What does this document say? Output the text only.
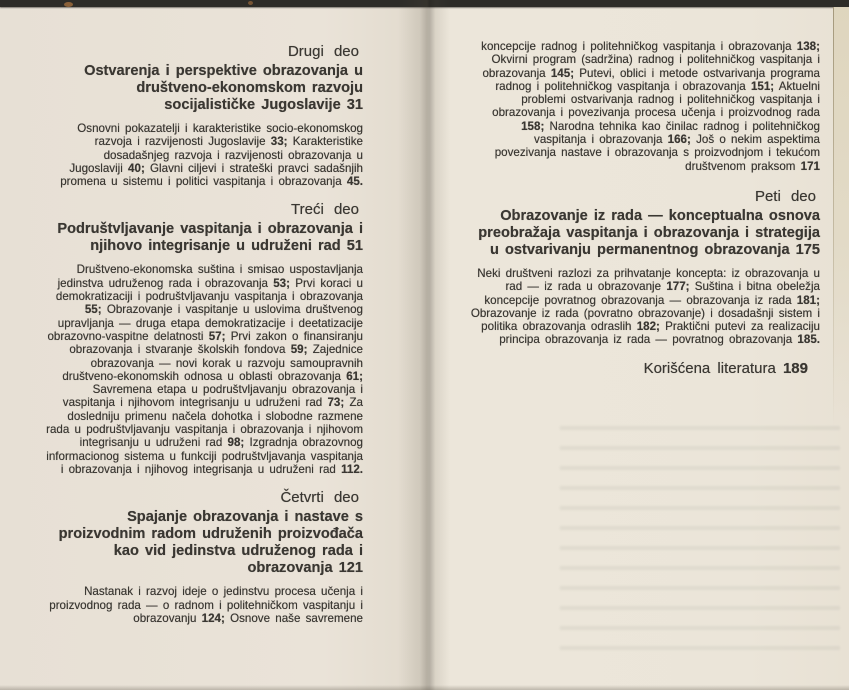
Drugi deo
Ostvarenja i perspektive obrazovanja u društveno-ekonomskom razvoju socijalističke Jugoslavije 31

Osnovni pokazatelji i karakteristike socio-ekonomskog razvoja i razvijenosti Jugoslavije 33; Karakteristike dosadašnjeg razvoja i razvijenosti obrazovanja u Jugoslaviji 40; Glavni ciljevi i strateški pravci sadašnjih promena u sistemu i politici vaspitanja i obrazovanja 45.

Treći deo
Podruštvljavanje vaspitanja i obrazovanja i njihovo integrisanje u udruženi rad 51

Društveno-ekonomska suština i smisao uspostavljanja jedinstva udruženog rada i obrazovanja 53; Prvi koraci u demokratizaciji i podruštvljavanju vaspitanja i obrazovanja 55; Obrazovanje i vaspitanje u uslovima društvenog upravljanja — druga etapa demokratizacije i deetatizacije obrazovno-vaspitne delatnosti 57; Prvi zakon o finansiranju obrazovanja i stvaranje školskih fondova 59; Zajednice obrazovanja — novi korak u razvoju samoupravnih društveno-ekonomskih odnosa u oblasti obrazovanja 61; Savremena etapa u podruštvljavanju obrazovanja i vaspitanja i njihovom integrisanju u udruženi rad 73; Za dosledniju primenu načela dohotka i slobodne razmene rada u podruštvljavanju vaspitanja i obrazovanja i njihovom integrisanju u udruženi rad 98; Izgradnja obrazovnog informacionog sistema u funkciji podruštvljavanja vaspitanja i obrazovanja i njihovog integrisanja u udruženi rad 112.

Četvrti deo
Spajanje obrazovanja i nastave s proizvodnim radom udruženih proizvođača kao vid jedinstva udruženog rada i obrazovanja 121

Nastanak i razvoj ideje o jedinstvu procesa učenja i proizvodnog rada — o radnom i politehničkom vaspitanju i obrazovanju 124; Osnove naše savremene

koncepcije radnog i politehničkog vaspitanja i obrazovanja 138; Okvirni program (sadržina) radnog i politehničkog vaspitanja i obrazovanja 145; Putevi, oblici i metode ostvarivanja programa radnog i politehničkog vaspitanja i obrazovanja 151; Aktuelni problemi ostvarivanja radnog i politehničkog vaspitanja i obrazovanja i povezivanja procesa učenja i proizvodnog rada 158; Narodna tehnika kao činilac radnog i politehničkog vaspitanja i obrazovanja 166; Još o nekim aspektima povezivanja nastave i obrazovanja s proizvodnjom i tekućom društvenom praksom 171

Peti deo
Obrazovanje iz rada — konceptualna osnova preobražaja vaspitanja i obrazovanja i strategija u ostvarivanju permanentnog obrazovanja 175

Neki društveni razlozi za prihvatanje koncepta: iz obrazovanja u rad — iz rada u obrazovanje 177; Suština i bitna obeležja koncepcije povratnog obrazovanja — obrazovanja iz rada 181; Obrazovanje iz rada (povratno obrazovanje) i dosadašnji sistem i politika obrazovanja odraslih 182; Praktični putevi za realizaciju principa obrazovanja iz rada — povratnog obrazovanja 185.

Korišćena literatura 189
